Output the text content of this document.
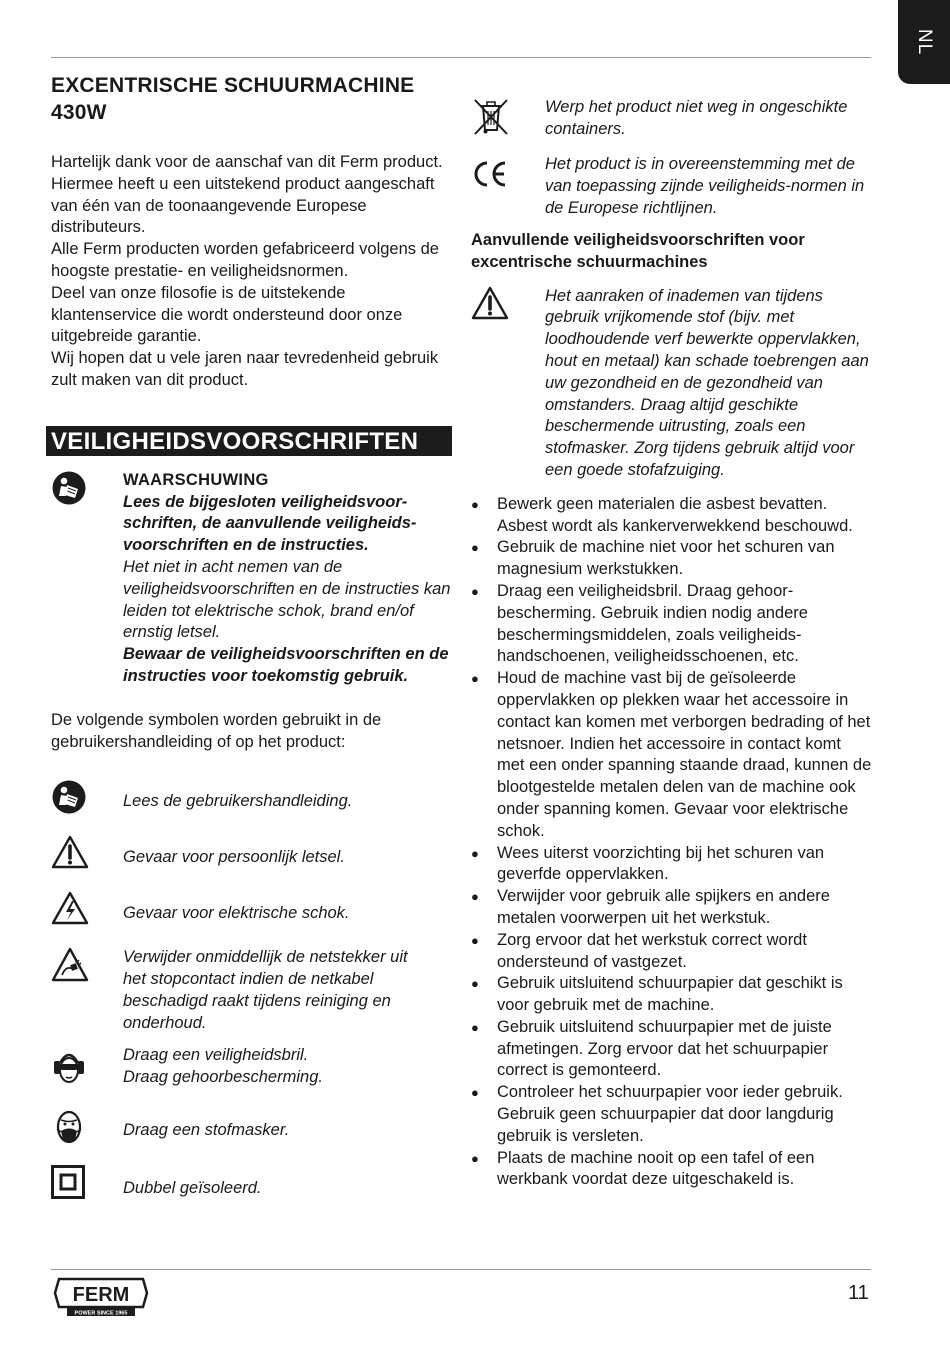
NL
EXCENTRISCHE SCHUURMACHINE
430W

Hartelijk dank voor de aanschaf van dit Ferm product.

Hiermee heeft u een uitstekend product aangeschaft van één van de toonaangevende Europese distributeurs.

Alle Ferm producten worden gefabriceerd volgens de hoogste prestatie- en veiligheidsnormen.

Deel van onze filosofie is de uitstekende klantenservice die wordt ondersteund door onze uitgebreide garantie.

Wij hopen dat u vele jaren naar tevredenheid gebruik zult maken van dit product.

VEILIGHEIDSVOORSCHRIFTEN
WAARSCHUWING
Lees de bijgesloten veiligheidsvoor-schriften, de aanvullende veiligheids-voorschriften en de instructies.
Het niet in acht nemen van de veiligheidsvoorschriften en de instructies kan leiden tot elektrische schok, brand en/of ernstig letsel.
Bewaar de veiligheidsvoorschriften en de instructies voor toekomstig gebruik.

De volgende symbolen worden gebruikt in de gebruikershandleiding of op het product:

Lees de gebruikershandleiding.
Gevaar voor persoonlijk letsel.
Gevaar voor elektrische schok.
Verwijder onmiddellijk de netstekker uit het stopcontact indien de netkabel beschadigd raakt tijdens reiniging en onderhoud.
Draag een veiligheidsbril.
Draag gehoorbescherming.
Draag een stofmasker.
Dubbel geïsoleerd.
Werp het product niet weg in ongeschikte containers.
Het product is in overeenstemming met de van toepassing zijnde veiligheids-normen in de Europese richtlijnen.
Aanvullende veiligheidsvoorschriften voor excentrische schuurmachines
Het aanraken of inademen van tijdens gebruik vrijkomende stof (bijv. met loodhoudende verf bewerkte oppervlakken, hout en metaal) kan schade toebrengen aan uw gezondheid en de gezondheid van omstanders. Draag altijd geschikte beschermende uitrusting, zoals een stofmasker. Zorg tijdens gebruik altijd voor een goede stofafzuiging.
● Bewerk geen materialen die asbest bevatten. Asbest wordt als kankerverwekkend beschouwd.
● Gebruik de machine niet voor het schuren van magnesium werkstukken.
● Draag een veiligheidsbril. Draag gehoor-bescherming. Gebruik indien nodig andere beschermingsmiddelen, zoals veiligheids-handschoenen, veiligheidsschoenen, etc.
● Houd de machine vast bij de geïsoleerde oppervlakken op plekken waar het accessoire in contact kan komen met verborgen bedrading of het netsnoer. Indien het accessoire in contact komt met een onder spanning staande draad, kunnen de blootgestelde metalen delen van de machine ook onder spanning komen. Gevaar voor elektrische schok.
● Wees uiterst voorzichting bij het schuren van geverfde oppervlakken.
● Verwijder voor gebruik alle spijkers en andere metalen voorwerpen uit het werkstuk.
● Zorg ervoor dat het werkstuk correct wordt ondersteund of vastgezet.
● Gebruik uitsluitend schuurpapier dat geschikt is voor gebruik met de machine.
● Gebruik uitsluitend schuurpapier met de juiste afmetingen. Zorg ervoor dat het schuurpapier correct is gemonteerd.
● Controleer het schuurpapier voor ieder gebruik. Gebruik geen schuurpapier dat door langdurig gebruik is versleten.
● Plaats de machine nooit op een tafel of een werkbank voordat deze uitgeschakeld is.
FERM
POWER SINCE 1965
11
